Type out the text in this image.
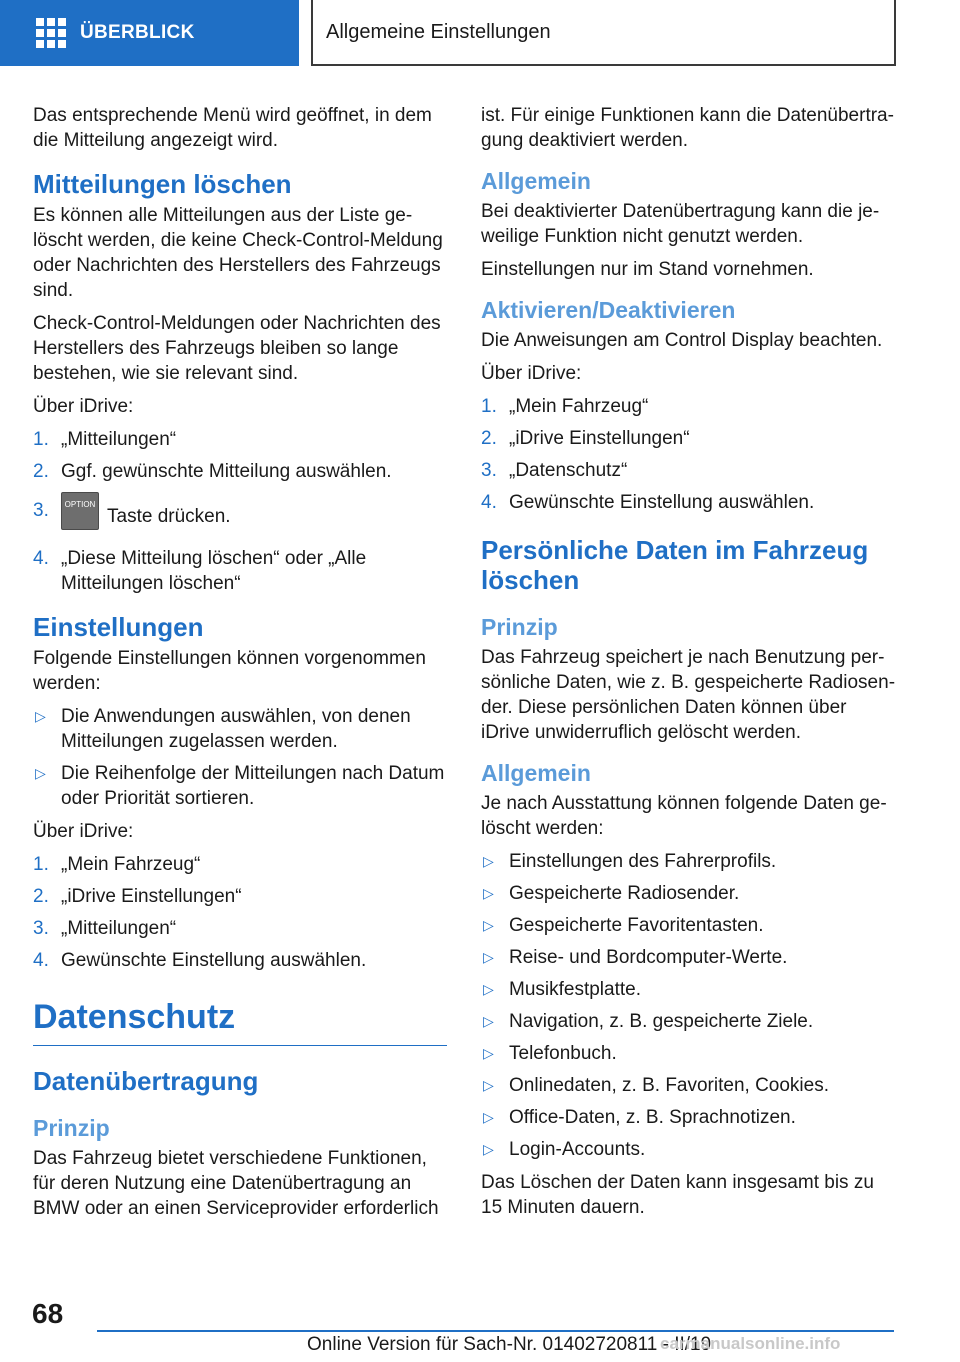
ÜBERBLICK	Allgemeine Einstellungen

Das entsprechende Menü wird geöffnet, in dem die Mitteilung angezeigt wird.

Mitteilungen löschen

Es können alle Mitteilungen aus der Liste gelöscht werden, die keine Check-Control-Meldung oder Nachrichten des Herstellers des Fahrzeugs sind.

Check-Control-Meldungen oder Nachrichten des Herstellers des Fahrzeugs bleiben so lange bestehen, wie sie relevant sind.

Über iDrive:

1. „Mitteilungen“
2. Ggf. gewünschte Mitteilung auswählen.
3. OPTIONTaste drücken.
4. „Diese Mitteilung löschen“ oder „Alle Mitteilungen löschen“
Einstellungen

Folgende Einstellungen können vorgenommen werden:

▷ Die Anwendungen auswählen, von denen Mitteilungen zugelassen werden.
▷ Die Reihenfolge der Mitteilungen nach Datum oder Priorität sortieren.

Über iDrive:

1. „Mein Fahrzeug“
2. „iDrive Einstellungen“
3. „Mitteilungen“
4. Gewünschte Einstellung auswählen.
Datenschutz
Datenübertragung
Prinzip

Das Fahrzeug bietet verschiedene Funktionen, für deren Nutzung eine Datenübertragung an BMW oder an einen Serviceprovider erforderlich

ist. Für einige Funktionen kann die Datenübertragung deaktiviert werden.

Allgemein

Bei deaktivierter Datenübertragung kann die jeweilige Funktion nicht genutzt werden.

Einstellungen nur im Stand vornehmen.

Aktivieren/Deaktivieren

Die Anweisungen am Control Display beachten.

Über iDrive:

1. „Mein Fahrzeug“
2. „iDrive Einstellungen“
3. „Datenschutz“
4. Gewünschte Einstellung auswählen.
Persönliche Daten im Fahrzeug löschen
Prinzip

Das Fahrzeug speichert je nach Benutzung persönliche Daten, wie z. B. gespeicherte Radiosender. Diese persönlichen Daten können über iDrive unwiderruflich gelöscht werden.

Allgemein

Je nach Ausstattung können folgende Daten gelöscht werden:

▷ Einstellungen des Fahrerprofils.
▷ Gespeicherte Radiosender.
▷ Gespeicherte Favoritentasten.
▷ Reise- und Bordcomputer-Werte.
▷ Musikfestplatte.
▷ Navigation, z. B. gespeicherte Ziele.
▷ Telefonbuch.
▷ Onlinedaten, z. B. Favoriten, Cookies.
▷ Office-Daten, z. B. Sprachnotizen.
▷ Login-Accounts.

Das Löschen der Daten kann insgesamt bis zu 15 Minuten dauern.

68
Online Version für Sach-Nr. 01402720811 - II/19
carmanualsonline.info
